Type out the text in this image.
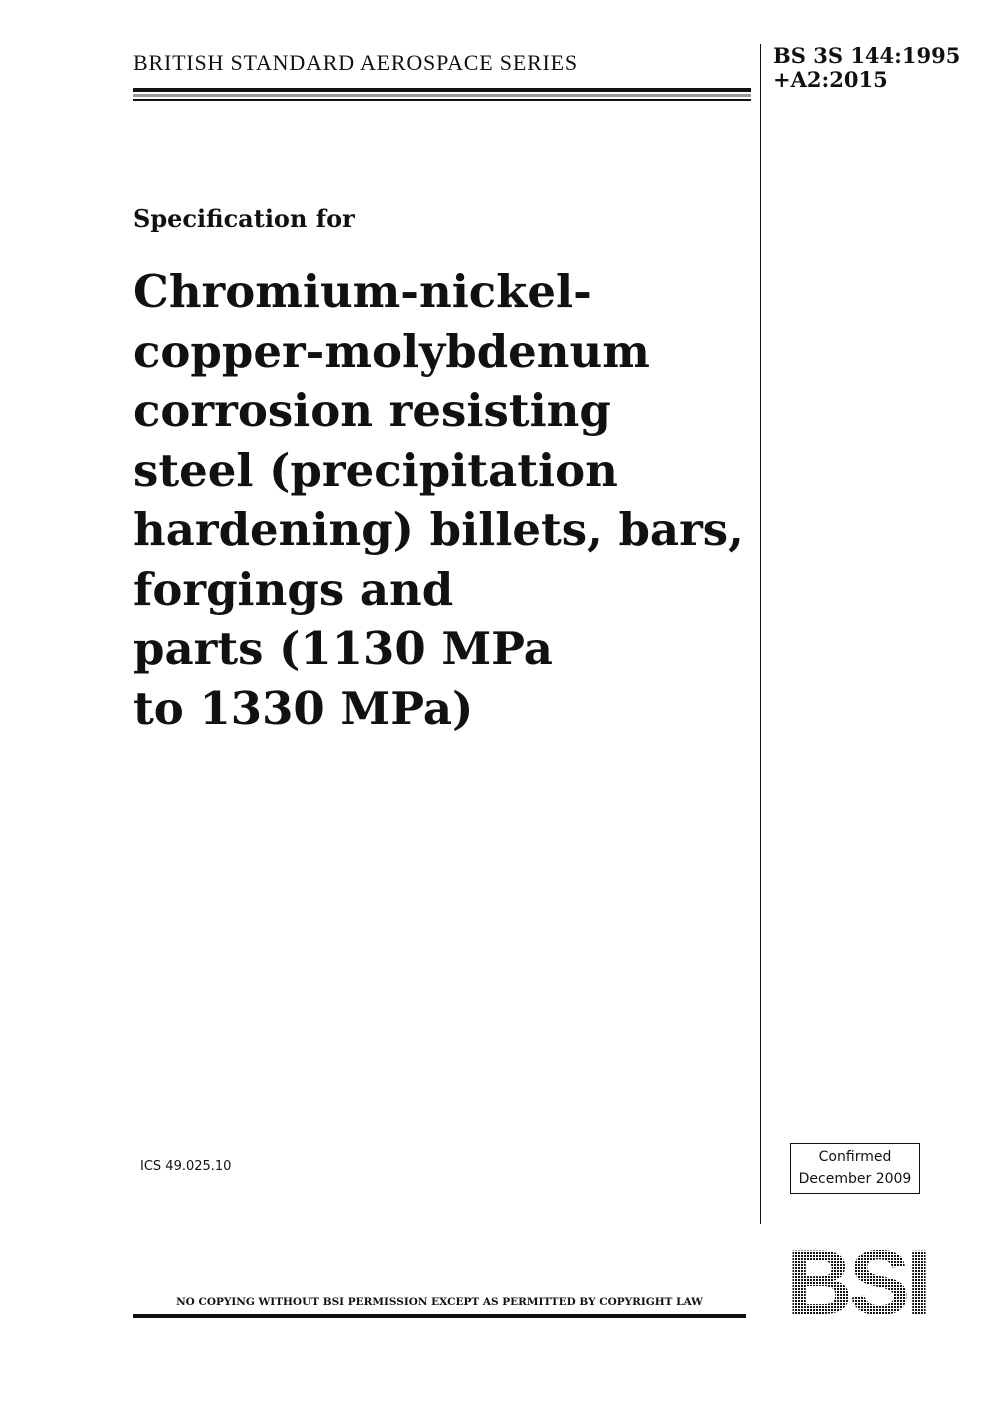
BRITISH STANDARD AEROSPACE SERIES	BS 3S 144:1995
+A2:2015
Specification for
Chromium-nickel-
copper-molybdenum
corrosion resisting
steel (precipitation
hardening) billets, bars,
forgings and
parts (1130 MPa
to 1330 MPa)
ICS 49.025.10
Confirmed
December 2009
NO COPYING WITHOUT BSI PERMISSION EXCEPT AS PERMITTED BY COPYRIGHT LAW BSI
